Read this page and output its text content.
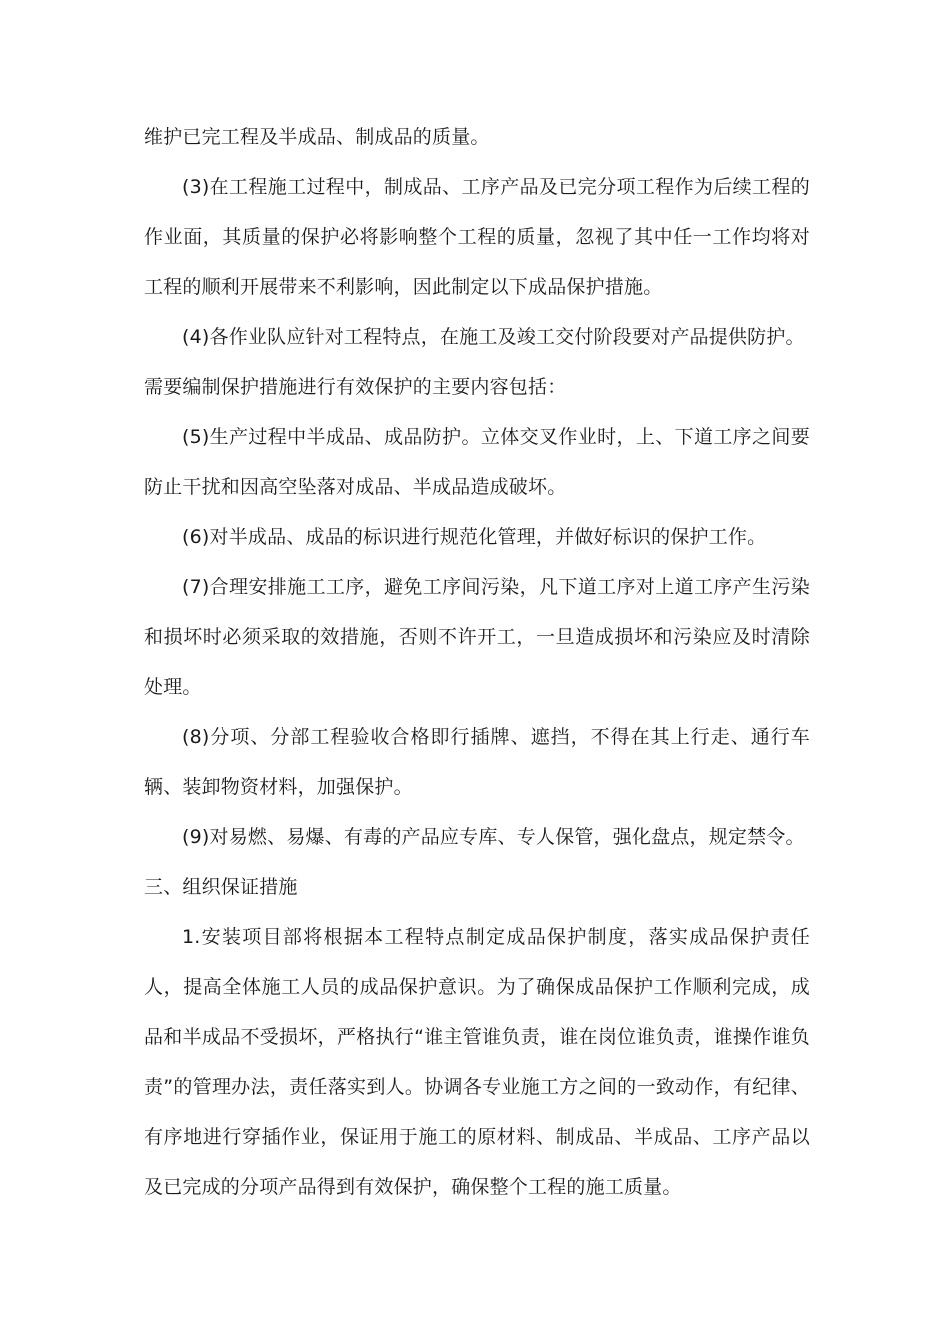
维护已完工程及半成品、制成品的质量。

(3)在工程施工过程中，制成品、工序产品及已完分项工程作为后续工程的作业面，其质量的保护必将影响整个工程的质量，忽视了其中任一工作均将对工程的顺利开展带来不利影响，因此制定以下成品保护措施。

(4)各作业队应针对工程特点，在施工及竣工交付阶段要对产品提供防护。

需要编制保护措施进行有效保护的主要内容包括：

(5)生产过程中半成品、成品防护。立体交叉作业时，上、下道工序之间要防止干扰和因高空坠落对成品、半成品造成破坏。

(6)对半成品、成品的标识进行规范化管理，并做好标识的保护工作。

(7)合理安排施工工序，避免工序间污染，凡下道工序对上道工序产生污染和损坏时必须采取的效措施，否则不许开工，一旦造成损坏和污染应及时清除处理。

(8)分项、分部工程验收合格即行插牌、遮挡，不得在其上行走、通行车辆、装卸物资材料，加强保护。

(9)对易燃、易爆、有毒的产品应专库、专人保管，强化盘点，规定禁令。

三、组织保证措施

1.安装项目部将根据本工程特点制定成品保护制度，落实成品保护责任人，提高全体施工人员的成品保护意识。为了确保成品保护工作顺利完成，成品和半成品不受损坏，严格执行“谁主管谁负责，谁在岗位谁负责，谁操作谁负责”的管理办法，责任落实到人。协调各专业施工方之间的一致动作，有纪律、有序地进行穿插作业，保证用于施工的原材料、制成品、半成品、工序产品以及已完成的分项产品得到有效保护，确保整个工程的施工质量。
